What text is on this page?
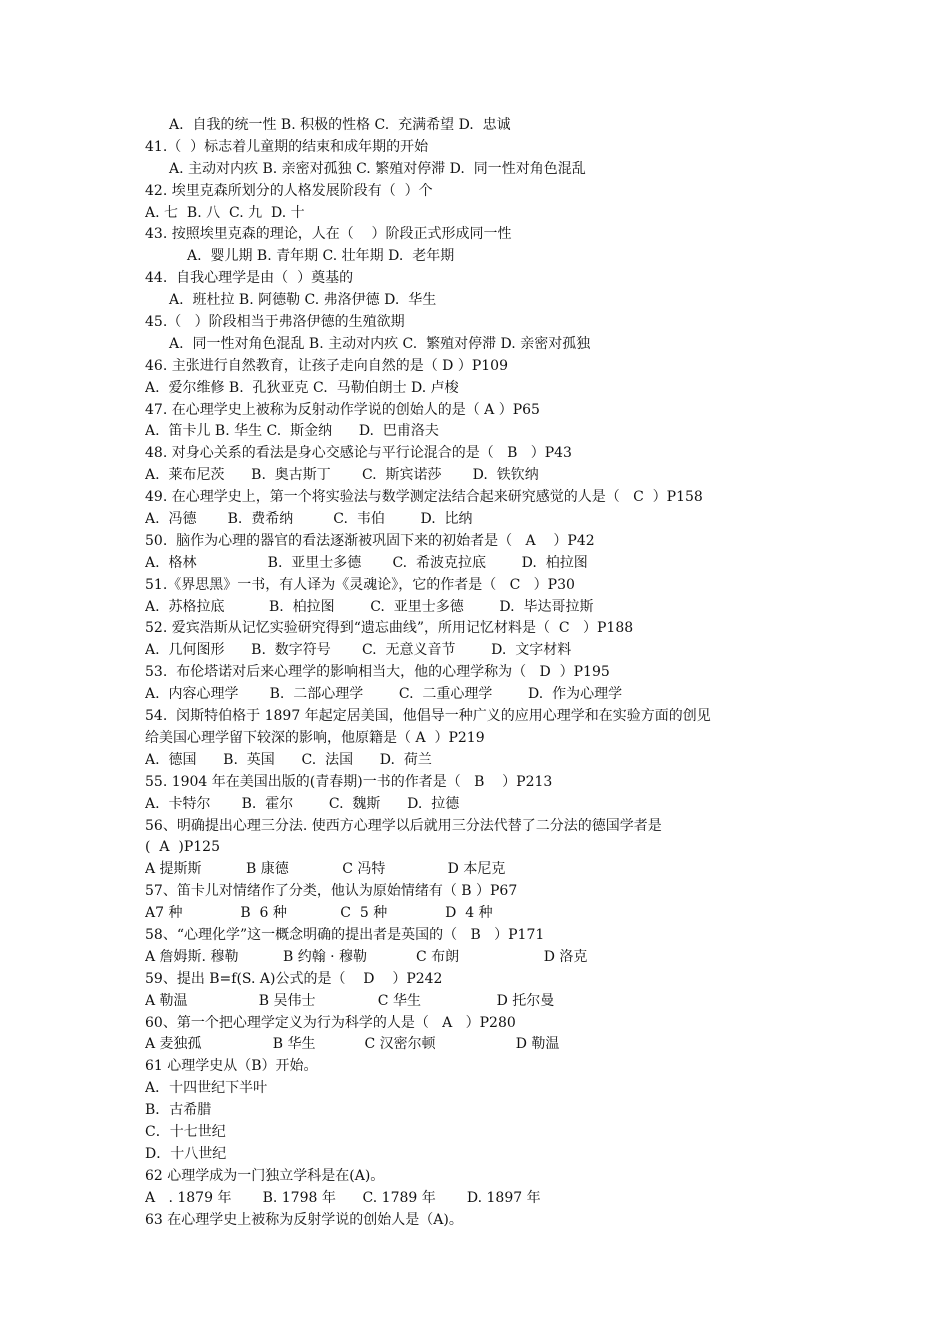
A.  自我的统一性 B. 积极的性格 C.  充满希望 D.  忠诚
41.（  ）标志着儿童期的结束和成年期的开始
A. 主动对内疚 B. 亲密对孤独 C. 繁殖对停滞 D.  同一性对角色混乱
42. 埃里克森所划分的人格发展阶段有（  ）个
A. 七  B. 八  C. 九  D. 十
43. 按照埃里克森的理论，人在（    ）阶段正式形成同一性
A.  婴儿期 B. 青年期 C. 壮年期 D.  老年期
44.  自我心理学是由（  ）奠基的
A.  班杜拉 B. 阿德勒 C. 弗洛伊德 D.  华生
45.（   ）阶段相当于弗洛伊德的生殖欲期
A.  同一性对角色混乱 B. 主动对内疚 C.  繁殖对停滞 D. 亲密对孤独
46. 主张进行自然教育，让孩子走向自然的是（ D ）P109
A.  爱尔维修 B.  孔狄亚克 C.  马勒伯朗士 D. 卢梭
47. 在心理学史上被称为反射动作学说的创始人的是（ A ）P65
A.  笛卡儿 B. 华生 C.  斯金纳      D.  巴甫洛夫
48. 对身心关系的看法是身心交感论与平行论混合的是（   B   ）P43
A.  莱布尼茨      B.  奥古斯丁       C.  斯宾诺莎       D.  铁钦纳
49. 在心理学史上，第一个将实验法与数学测定法结合起来研究感觉的人是（   C  ）P158
A.  冯德       B.  费希纳         C.  韦伯        D.  比纳
50.  脑作为心理的器官的看法逐渐被巩固下来的初始者是（   A    ）P42
A.  格林                B.  亚里士多德       C.  希波克拉底        D.  柏拉图
51.《界思黑》一书，有人译为《灵魂论》，它的作者是（   C   ）P30
A.  苏格拉底          B.  柏拉图        C.  亚里士多德        D.  毕达哥拉斯
52. 爱宾浩斯从记忆实验研究得到“遗忘曲线”，所用记忆材料是（  C   ）P188
A.  几何图形      B.  数字符号       C.  无意义音节        D.  文字材料
53.  布伦塔诺对后来心理学的影响相当大，他的心理学称为（   D  ）P195
A.  内容心理学       B.  二部心理学        C.  二重心理学        D.  作为心理学
54.  闵斯特伯格于 1897 年起定居美国，他倡导一种广义的应用心理学和在实验方面的创见
给美国心理学留下较深的影响，他原籍是（ A  ）P219
A.  德国      B.  英国      C.  法国      D.  荷兰
55. 1904 年在美国出版的(青春期)一书的作者是（   B    ）P213
A.  卡特尔       B.  霍尔        C.  魏斯      D.  拉德
56、明确提出心理三分法. 使西方心理学以后就用三分法代替了二分法的德国学者是
(  A  )P125
A 提斯斯          B 康德            C 冯特              D 本尼克
57、笛卡儿对情绪作了分类，他认为原始情绪有（ B ）P67
A7 种             B  6 种            C  5 种             D  4 种
58、“心理化学”这一概念明确的提出者是英国的（   B   ）P171
A 詹姆斯. 穆勒          B 约翰 · 穆勒           C 布朗                   D 洛克
59、提出 B=f(S. A)公式的是（    D    ）P242
A 勒温                B 吴伟士              C 华生                 D 托尔曼
60、第一个把心理学定义为行为科学的人是（   A   ）P280
A 麦独孤                B 华生           C 汉密尔顿                  D 勒温
61 心理学史从（B）开始。
A．十四世纪下半叶
B．古希腊
C．十七世纪
D．十八世纪
62 心理学成为一门独立学科是在(A)。
A   . 1879 年       B. 1798 年      C. 1789 年       D. 1897 年
63 在心理学史上被称为反射学说的创始人是（A)。
